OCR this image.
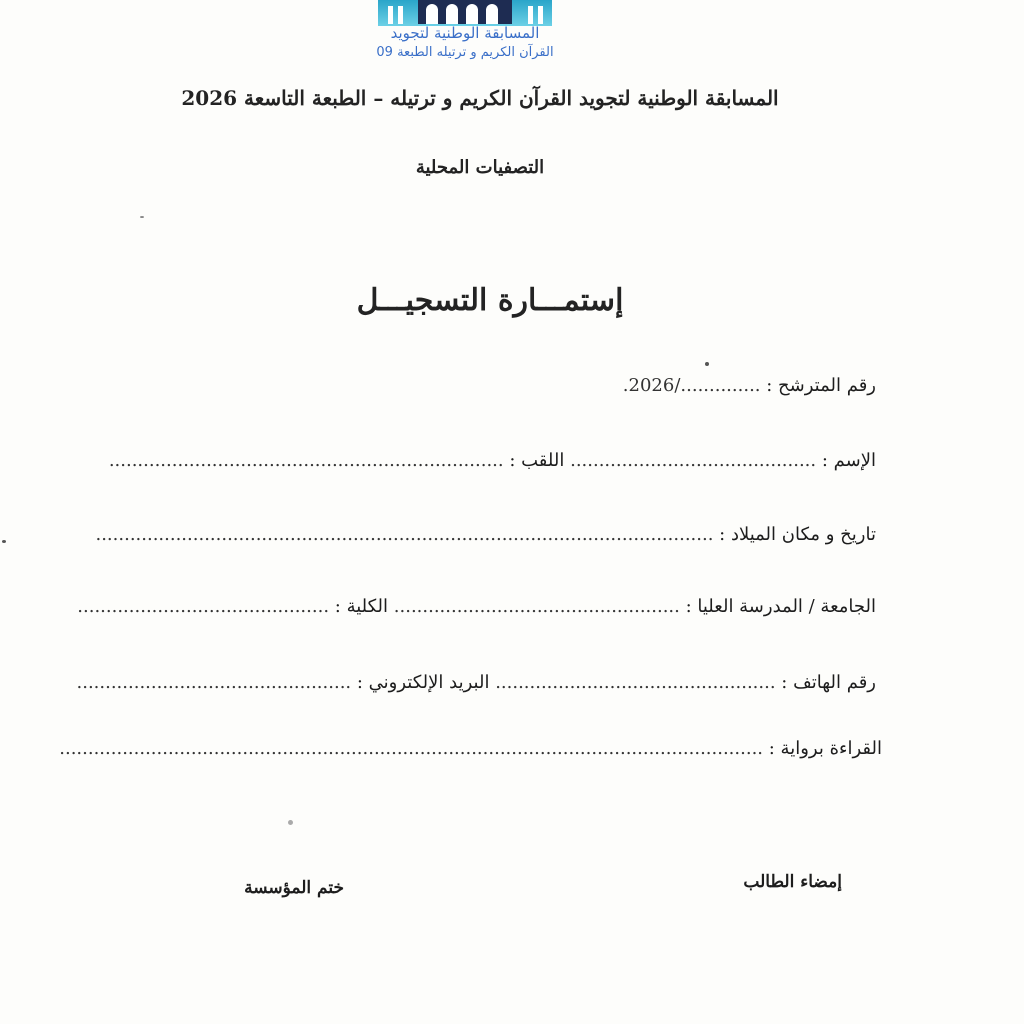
المسابقة الوطنية لتجويد
القرآن الكريم و ترتيله الطبعة 09
المسابقة الوطنية لتجويد القرآن الكريم و ترتيله – الطبعة التاسعة 2026
التصفيات المحلية
إستمـــارة التسجيـــل
رقم المترشح : ............../2026.
الإسم : ........................................... اللقب : .....................................................................
تاريخ و مكان الميلاد : ............................................................................................................
الجامعة / المدرسة العليا : .................................................. الكلية : ............................................
رقم الهاتف : ................................................. البريد الإلكتروني : ................................................
القراءة برواية : ...........................................................................................................................
إمضاء الطالب
ختم المؤسسة
